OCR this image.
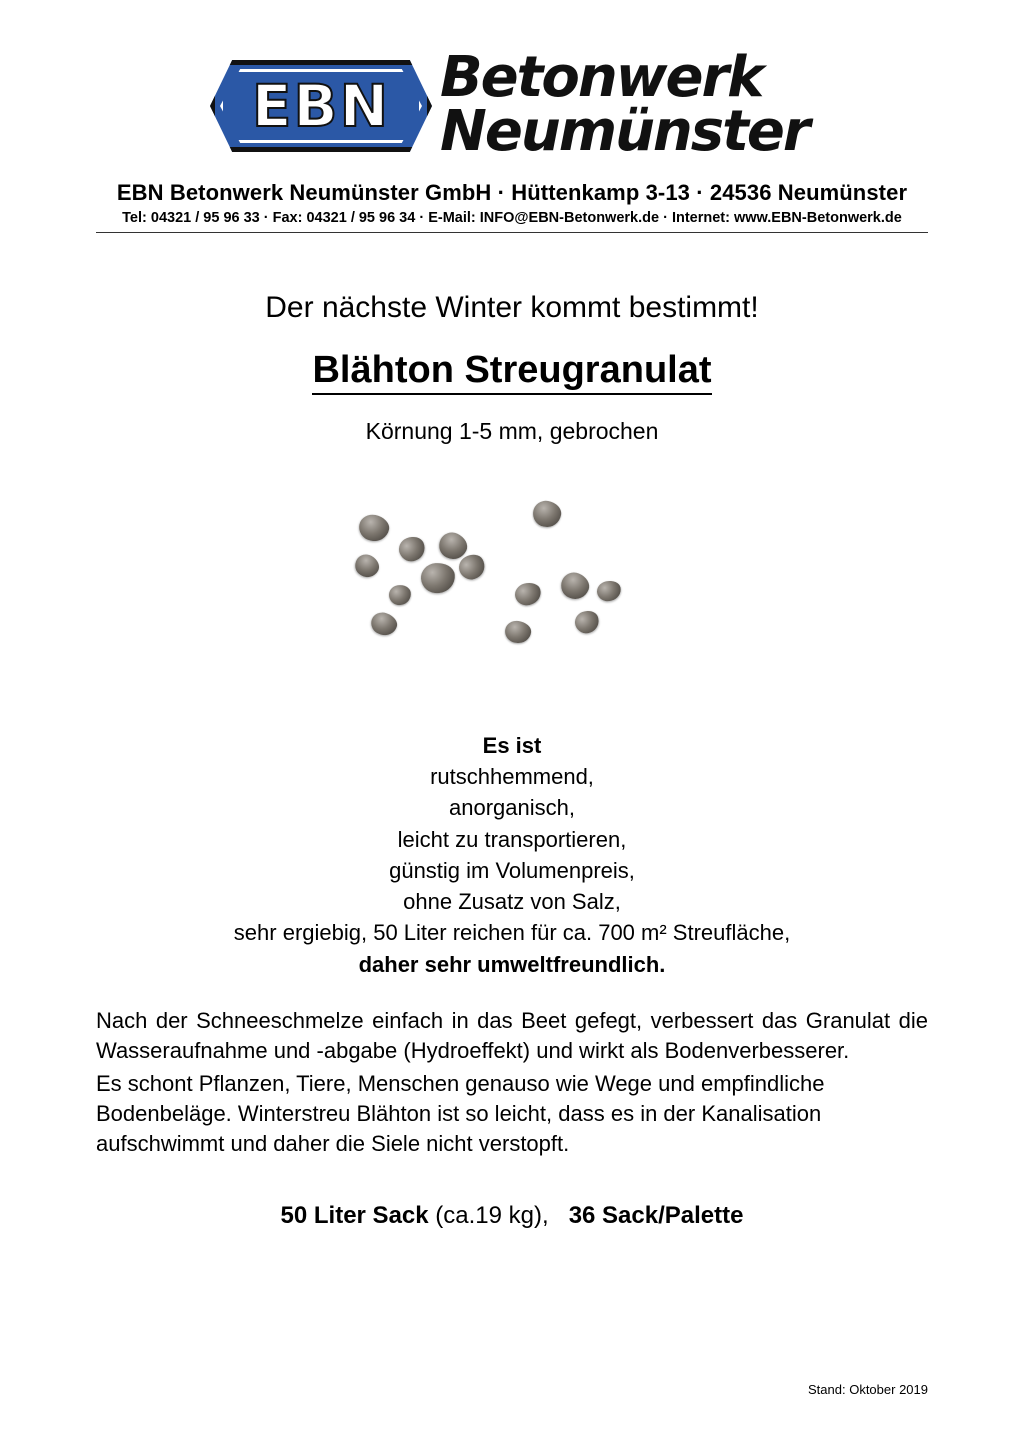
EBN Betonwerk
Neumünster
EBN Betonwerk Neumünster GmbH · Hüttenkamp 3-13 · 24536 Neumünster
Tel: 04321 / 95 96 33 · Fax: 04321 / 95 96 34 · E-Mail: INFO@EBN-Betonwerk.de · Internet: www.EBN-Betonwerk.de
Der nächste Winter kommt bestimmt!
Blähton Streugranulat
Körnung 1-5 mm, gebrochen
Es ist
rutschhemmend,
anorganisch,
leicht zu transportieren,
günstig im Volumenpreis,
ohne Zusatz von Salz,
sehr ergiebig, 50 Liter reichen für ca. 700 m² Streufläche,
daher sehr umweltfreundlich.
Nach der Schneeschmelze einfach in das Beet gefegt, verbessert das Granulat die Wasseraufnahme und -abgabe (Hydroeffekt) und wirkt als Bodenverbesserer.
Es schont Pflanzen, Tiere, Menschen genauso wie Wege und empfindliche Bodenbeläge. Winterstreu Blähton ist so leicht, dass es in der Kanalisation aufschwimmt und daher die Siele nicht verstopft.
50 Liter Sack (ca.19 kg), 36 Sack/Palette
Stand: Oktober 2019
